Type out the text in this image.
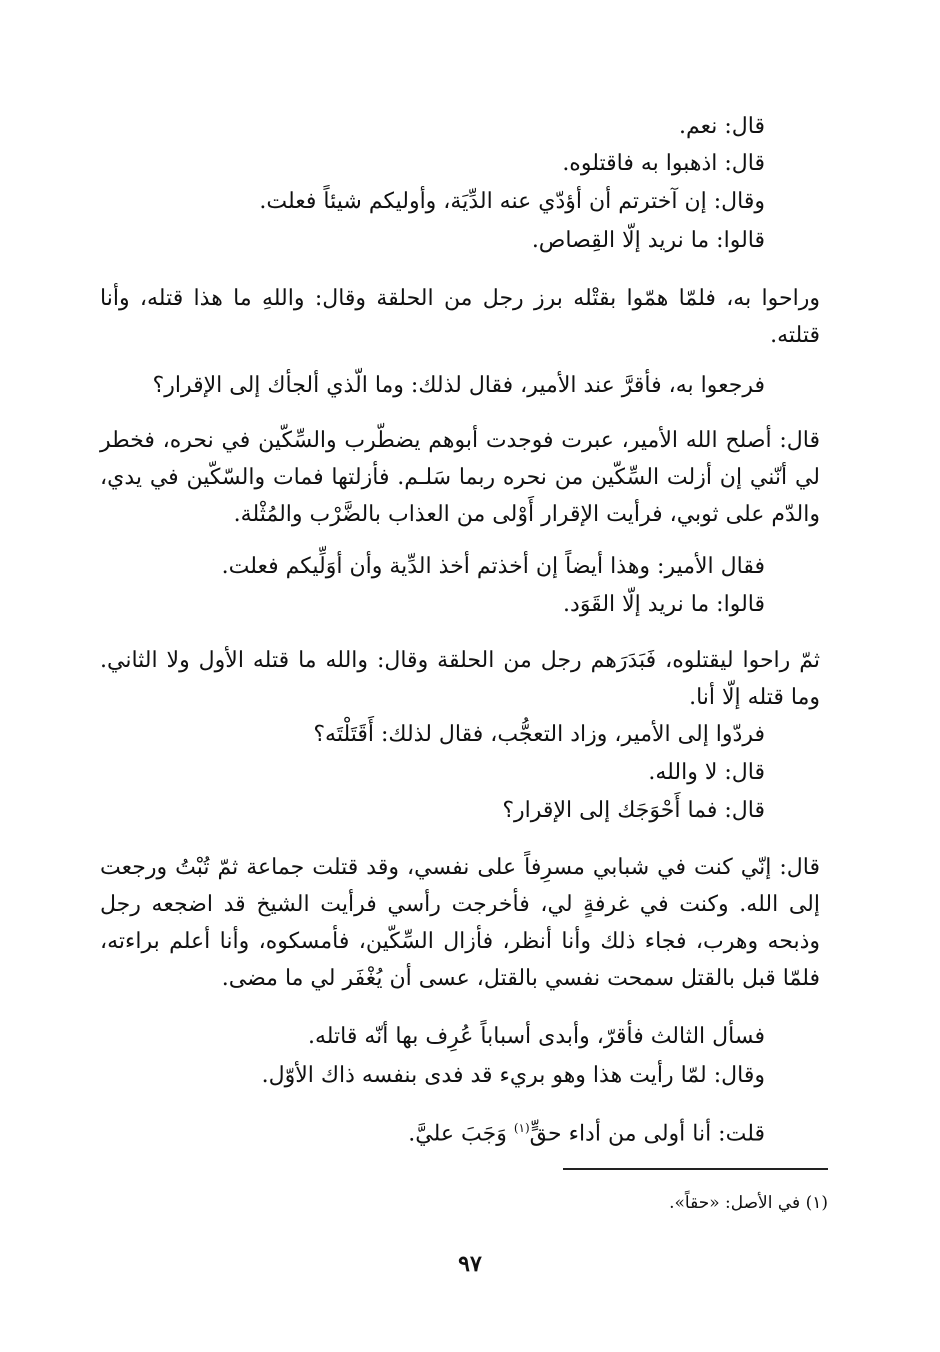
قال: نعم.
قال: اذهبوا به فاقتلوه.
وقال: إن آخترتم أن أؤدّي عنه الدِّيَة، وأوليكم شيئاً فعلت.
قالوا: ما نريد إلّا القِصاص.
وراحوا به، فلمّا همّوا بقتْله برز رجل من الحلقة وقال: واللهِ ما هذا قتله، وأنا قتلته.
فرجعوا به، فأقرَّ عند الأمير، فقال لذلك: وما الّذي ألجأك إلى الإقرار؟
قال: أصلح الله الأمير، عبرت فوجدت أبوهم يضطّرب والسِّكّين في نحره، فخطر لي أنّني إن أزلت السِّكّين من نحره ربما سَلـم. فأزلتها فمات والسّكّين في يدي، والدّم على ثوبي، فرأيت الإقرار أَوْلى من العذاب بالضَّرْب والمُثْلة.
فقال الأمير: وهذا أيضاً إن أخذتم أخذ الدِّية وأن أوَلِّيكم فعلت.
قالوا: ما نريد إلّا القَوَد.
ثمّ راحوا ليقتلوه، فَبَدَرَهم رجل من الحلقة وقال: والله ما قتله الأول ولا الثاني. وما قتله إلّا أنا.
فردّوا إلى الأمير، وزاد التعجُّب، فقال لذلك: أَقَتَلْتَه؟
قال: لا والله.
قال: فما أَحْوَجَك إلى الإقرار؟
قال: إنّي كنت في شبابي مسرِفاً على نفسي، وقد قتلت جماعة ثمّ تُبْتُ ورجعت إلى الله. وكنت في غرفةٍ لي، فأخرجت رأسي فرأيت الشيخ قد اضجعه رجل وذبحه وهرب، فجاء ذلك وأنا أنظر، فأزال السِّكّين، فأمسكوه، وأنا أعلم براءته، فلمّا قبل بالقتل سمحت نفسي بالقتل، عسى أن يُغْفَر لي ما مضى.
فسأل الثالث فأقرّ، وأبدى أسباباً عُرِف بها أنّه قاتله.
وقال: لمّا رأيت هذا وهو بريء قد فدى بنفسه ذاك الأوّل.
قلت: أنا أولى من أداء حقٍّ$^{(١)}$ وَجَبَ عليَّ.
(١) في الأصل: «حقاً».
٩٧
